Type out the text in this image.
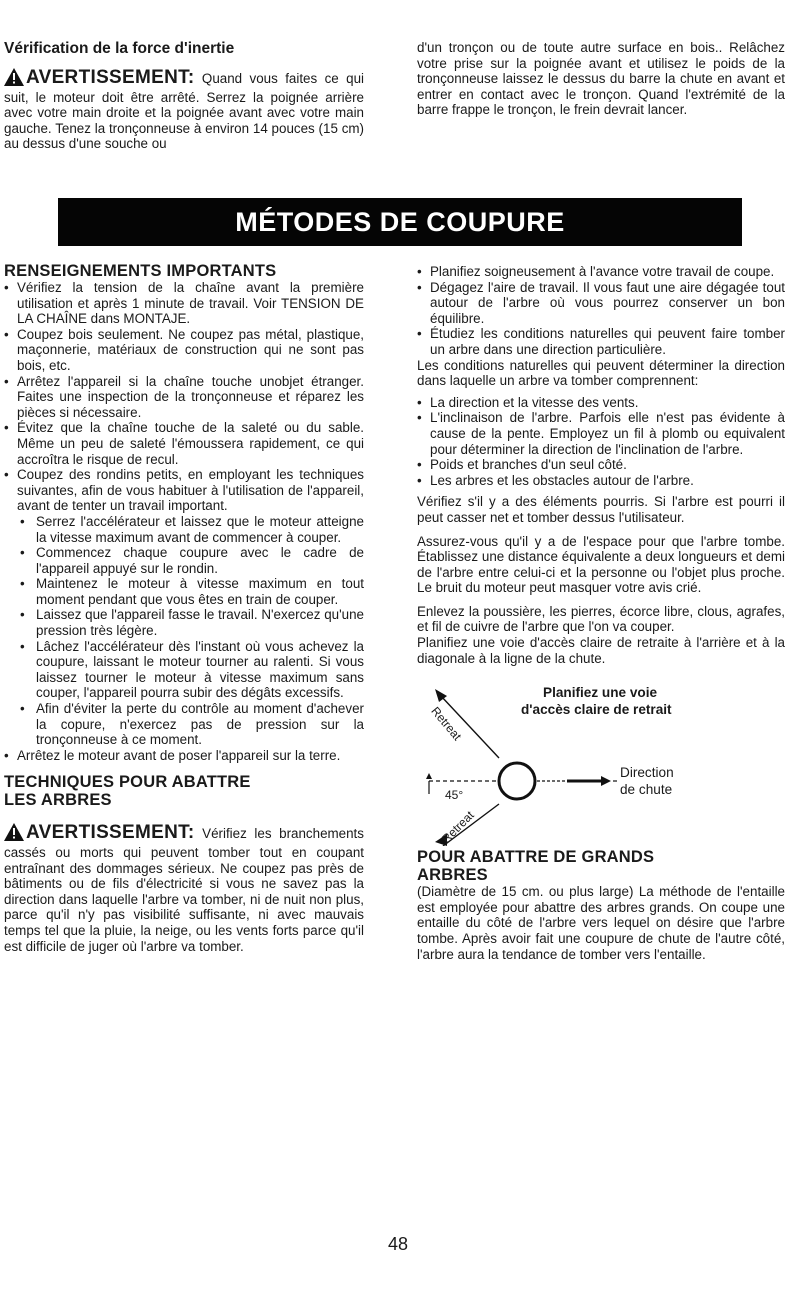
Vérification de la force d'inertie

AVERTISSEMENT: Quand vous faites ce qui suit, le moteur doit être arrêté. Serrez la poignée arrière avec votre main droite et la poignée avant avec votre main gauche. Tenez la tronçonneuse à environ 14 pouces (15 cm) au dessus d'une souche ou

d'un tronçon ou de toute autre surface en bois.. Relâchez votre prise sur la poignée avant et utilisez le poids de la tronçonneuse laissez le dessus du barre la chute en avant et entrer en contact avec le tronçon. Quand l'extrémité de la barre frappe le tronçon, le frein devrait lancer.

MÉTODES DE COUPURE
RENSEIGNEMENTS IMPORTANTS
• Vérifiez la tension de la chaîne avant la première utilisation et après 1 minute de travail. Voir TENSION DE LA CHAÎNE dans MONTAJE.
• Coupez bois seulement. Ne coupez pas métal, plastique, maçonnerie, matériaux de construction qui ne sont pas bois, etc.
• Arrêtez l'appareil si la chaîne touche unobjet étranger. Faites une inspection de la tronçonneuse et réparez les pièces si nécessaire.
• Évitez que la chaîne touche de la saleté ou du sable. Même un peu de saleté l'émoussera rapidement, ce qui accroîtra le risque de recul.
• Coupez des rondins petits, en employant les techniques suivantes, afin de vous habituer à l'utilisation de l'appareil, avant de tenter un travail important.
• Serrez l'accélérateur et laissez que le moteur atteigne la vitesse maximum avant de commencer à couper.
• Commencez chaque coupure avec le cadre de l'appareil appuyé sur le rondin.
• Maintenez le moteur à vitesse maximum en tout moment pendant que vous êtes en train de couper.
• Laissez que l'appareil fasse le travail. N'exercez qu'une pression très légère.
• Lâchez l'accélérateur dès l'instant où vous achevez la coupure, laissant le moteur tourner au ralenti. Si vous laissez tourner le moteur à vitesse maximum sans couper, l'appareil pourra subir des dégâts excessifs.
• Afin d'éviter la perte du contrôle au moment d'achever la copure, n'exercez pas de pression sur la tronçonneuse à ce moment.
• Arrêtez le moteur avant de poser l'appareil sur la terre.
TECHNIQUES POUR ABATTRE
LES ARBRES

AVERTISSEMENT: Vérifiez les branchements cassés ou morts qui peuvent tomber tout en coupant entraînant des dommages sérieux. Ne coupez pas près de bâtiments ou de fils d'électricité si vous ne savez pas la direction dans laquelle l'arbre va tomber, ni de nuit non plus, parce qu'il n'y pas visibilité suffisante, ni avec mauvais temps tel que la pluie, la neige, ou les vents forts parce qu'il est difficile de juger où l'arbre va tomber.

• Planifiez soigneusement à l'avance votre travail de coupe.
• Dégagez l'aire de travail. Il vous faut une aire dégagée tout autour de l'arbre où vous pourrez conserver un bon équilibre.
• Étudiez les conditions naturelles qui peuvent faire tomber un arbre dans une direction particulière.

Les conditions naturelles qui peuvent déterminer la direction dans laquelle un arbre va tomber comprennent:

• La direction et la vitesse des vents.
• L'inclinaison de l'arbre. Parfois elle n'est pas évidente à cause de la pente. Employez un fil à plomb ou equivalent pour déterminer la direction de l'inclination de l'arbre.
• Poids et branches d'un seul côté.
• Les arbres et les obstacles autour de l'arbre.

Vérifiez s'il y a des éléments pourris. Si l'arbre est pourri il peut casser net et tomber dessus l'utilisateur.

Assurez-vous qu'il y a de l'espace pour que l'arbre tombe. Établissez une distance équivalente a deux longueurs et demi de l'arbre entre celui-ci et la personne ou l'objet plus proche. Le bruit du moteur peut masquer votre avis crié.

Enlevez la poussière, les pierres, écorce libre, clous, agrafes, et fil de cuivre de l'arbre que l'on va couper.

Planifiez une voie d'accès claire de retraite à l'arrière et à la diagonale à la ligne de la chute.

Retreat
Retreat
Planifiez une voie
d'accès claire de retrait
Direction
de chute
45°
POUR ABATTRE DE GRANDS
ARBRES

(Diamètre de 15 cm. ou plus large) La méthode de l'entaille est employée pour abattre des arbres grands. On coupe une entaille du côté de l'arbre vers lequel on désire que l'arbre tombe. Après avoir fait une coupure de chute de l'autre côté, l'arbre aura la tendance de tomber vers l'entaille.

48
